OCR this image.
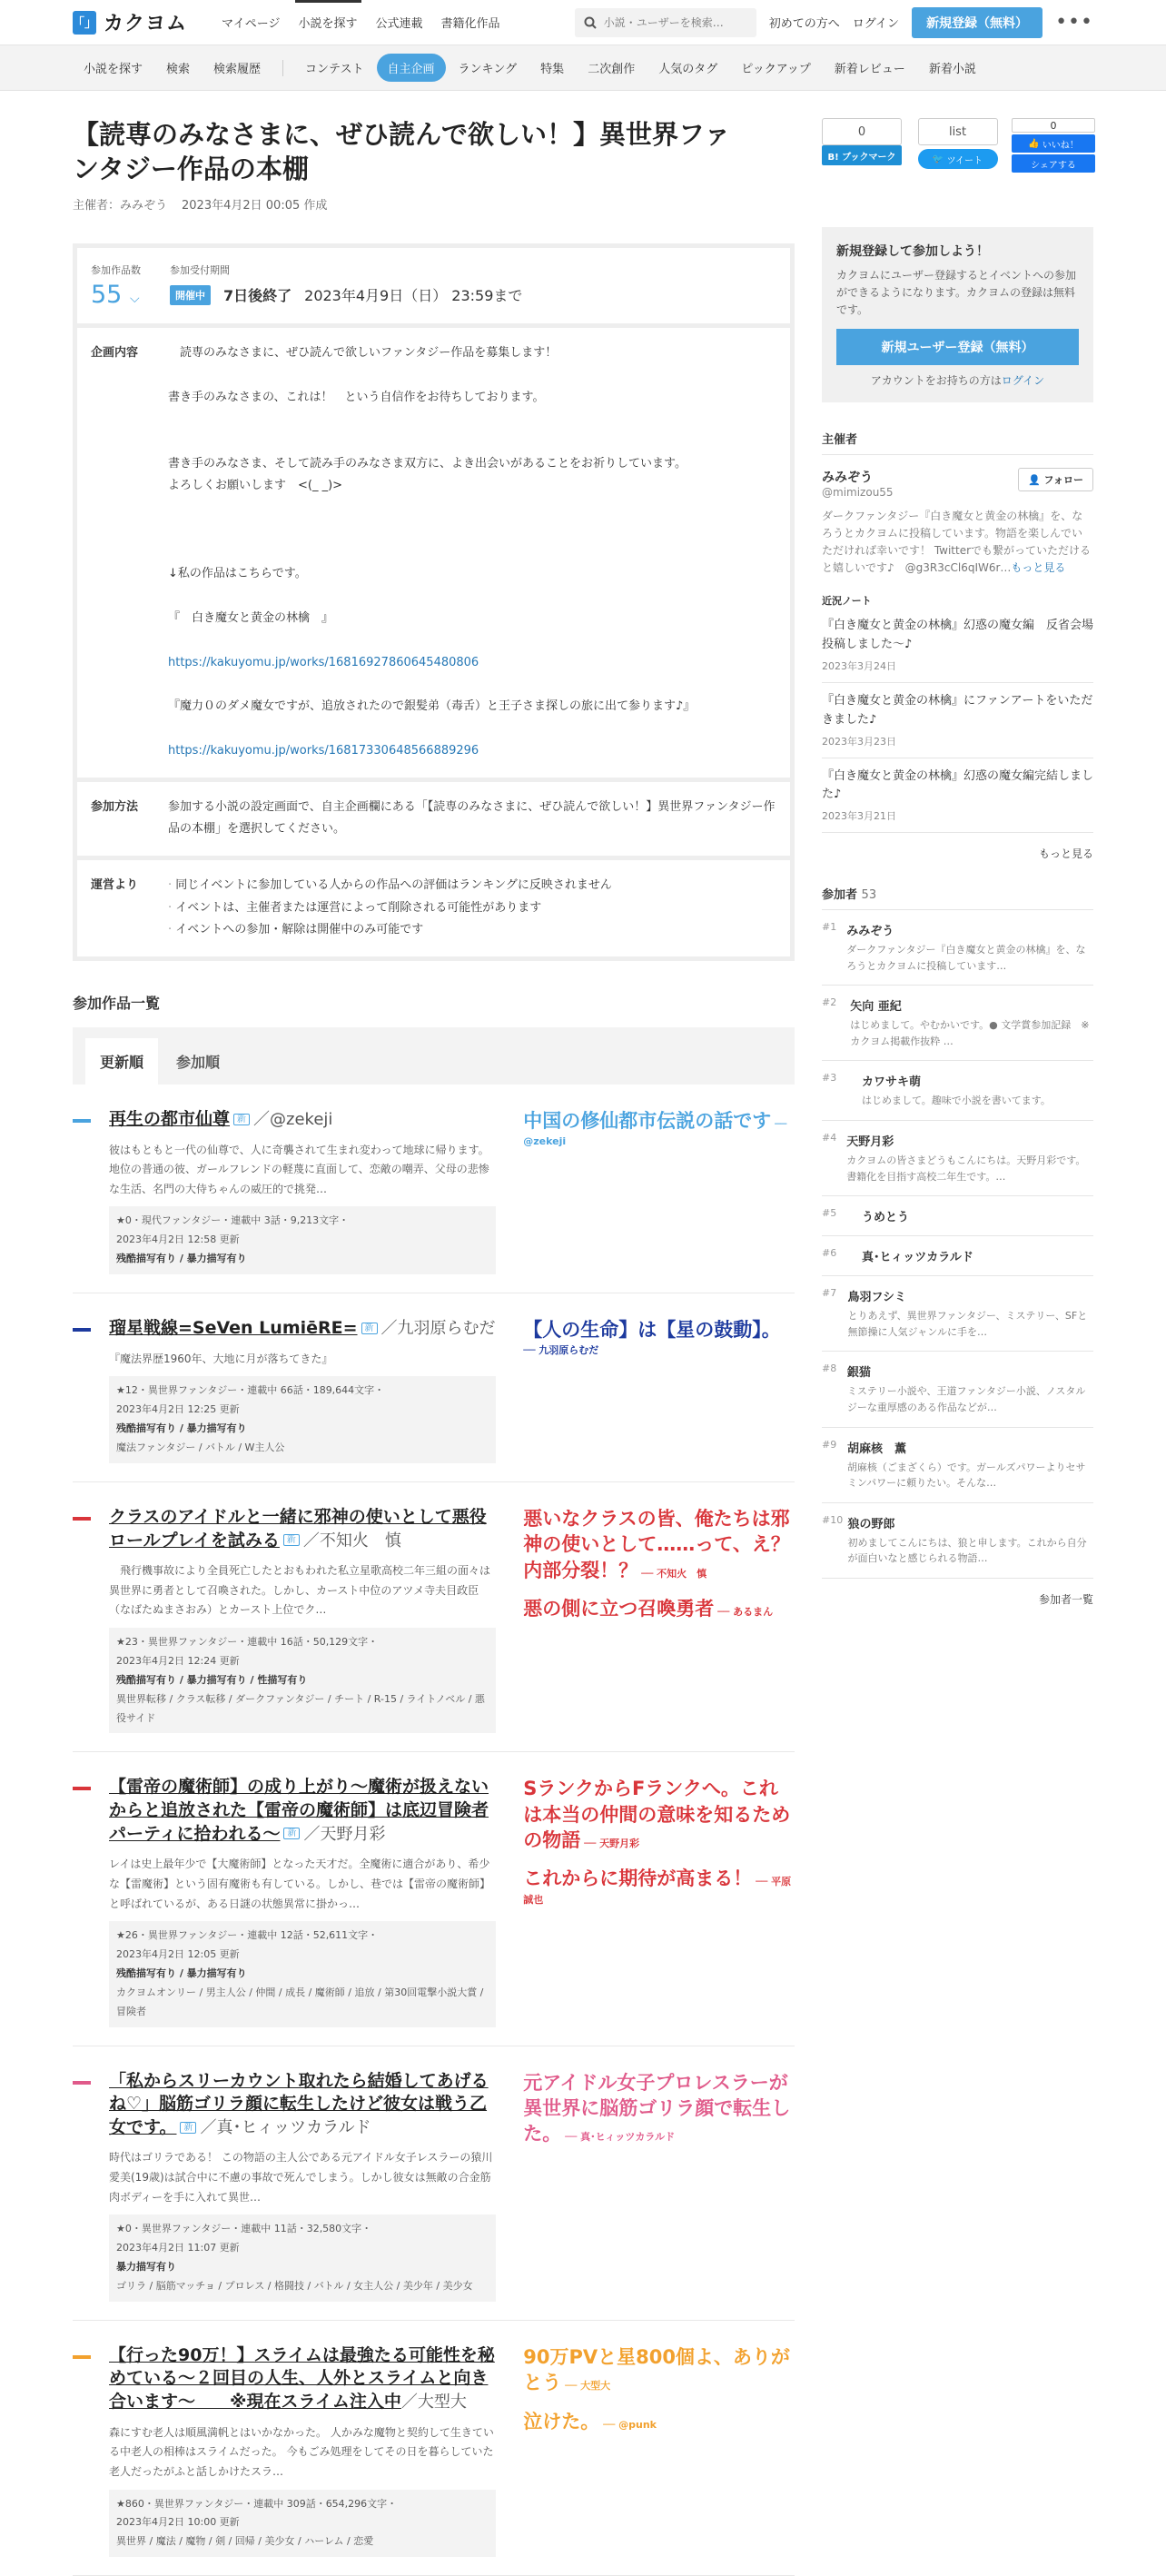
「」 カクヨム	マイページ	小説を探す	公式連載	書籍化作品
小説・ユーザーを検索…	初めての方へ ログイン	新規登録（無料）	•••
小説を探す	検索	検索履歴	コンテスト	自主企画	ランキング	特集	二次創作	人気のタグ	ピックアップ	新着レビュー	新着小説
【読専のみなさまに、ぜひ読んで欲しい！】異世界ファンタジー作品の本棚
主催者：みみぞう 2023年4月2日 00:05 作成
参加作品数
55 ⌵
参加受付期間
開催中	7日後終了 2023年4月9日（日） 23:59まで
企画内容	　読専のみなさまに、ぜひ読んで欲しいファンタジー作品を募集します！

書き手のみなさまの、これは！　という自信作をお待ちしております。

書き手のみなさま、そして読み手のみなさま双方に、よき出会いがあることをお祈りしています。

よろしくお願いします　<(_ _)>

↓私の作品はこちらです。

『　白き魔女と黄金の林檎　』

https://kakuyomu.jp/works/16816927860645480806

『魔力０のダメ魔女ですが、追放されたので銀髪弟（毒舌）と王子さま探しの旅に出て参ります♪』

https://kakuyomu.jp/works/16817330648566889296

参加方法	参加する小説の設定画面で、自主企画欄にある「【読専のみなさまに、ぜひ読んで欲しい！】異世界ファンタジー作品の本棚」を選択してください。
運営より
·	同じイベントに参加している人からの作品への評価はランキングに反映されません
· イベントは、主催者または運営によって削除される可能性があります
· イベントへの参加・解除は開催中のみ可能です
参加作品一覧
更新順	参加順
再生の都市仙尊 新 ／@zekeji
彼はもともと一代の仙尊で、人に奇襲されて生まれ変わって地球に帰ります。地位の普通の彼、ガールフレンドの軽蔑に直面して、恋敵の嘲弄、父母の悲惨な生活、名門の大侍ちゃんの威圧的で挑発…
★0・現代ファンタジー・連載中 3話・9,213文字・
2023年4月2日 12:58 更新
残酷描写有り / 暴力描写有り
中国の修仙都市伝説の話です ── @zekeji
瑠星戦線=SeVen LumiēRE= 新 ／九羽原らむだ
『魔法界歴1960年、大地に月が落ちてきた』
★12・異世界ファンタジー・連載中 66話・189,644文字・
2023年4月2日 12:25 更新
残酷描写有り / 暴力描写有り
魔法ファンタジー / バトル / W主人公
【人の生命】は【星の鼓動】。 ── 九羽原らむだ
クラスのアイドルと一緒に邪神の使いとして悪役ロールプレイを試みる 新 ／不知火　慎
　飛行機事故により全員死亡したとおもわれた私立星歌高校二年三組の面々は異世界に勇者として召喚された。しかし、カースト中位のアツメ寺夫目政臣（なばたぬまさおみ）とカースト上位でク…
★23・異世界ファンタジー・連載中 16話・50,129文字・
2023年4月2日 12:24 更新
残酷描写有り / 暴力描写有り / 性描写有り
異世界転移 / クラス転移 / ダークファンタジー / チート / R-15 / ライトノベル / 悪役サイド
悪いなクラスの皆、俺たちは邪神の使いとして……って、え？内部分裂！？ ── 不知火　慎
悪の側に立つ召喚勇者 ── あるまん
【雷帝の魔術師】の成り上がり～魔術が扱えないからと追放された【雷帝の魔術師】は底辺冒険者パーティに拾われる～ 新 ／天野月彩
レイは史上最年少で【大魔術師】となった天才だ。全魔術に適合があり、希少な【雷魔術】という固有魔術も有している。しかし、巷では【雷帝の魔術師】と呼ばれているが、ある日謎の状態異常に掛かっ…
★26・異世界ファンタジー・連載中 12話・52,611文字・
2023年4月2日 12:05 更新
残酷描写有り / 暴力描写有り
カクヨムオンリー / 男主人公 / 仲間 / 成長 / 魔術師 / 追放 / 第30回電撃小説大賞 / 冒険者
SランクからFランクへ。これは本当の仲間の意味を知るための物語 ── 天野月彩
これからに期待が高まる！ ── 平原誠也
「私からスリーカウント取れたら結婚してあげるね♡」脳筋ゴリラ顔に転生したけど彼女は戦う乙女です。 新 ／真･ヒィッツカラルド
時代はゴリラである！ この物語の主人公である元アイドル女子レスラーの猿川愛美(19歳)は試合中に不慮の事故で死んでしまう。しかし彼女は無敵の合金筋肉ボディーを手に入れて異世…
★0・異世界ファンタジー・連載中 11話・32,580文字・
2023年4月2日 11:07 更新
暴力描写有り
ゴリラ / 脳筋マッチョ / プロレス / 格闘技 / バトル / 女主人公 / 美少年 / 美少女
元アイドル女子プロレスラーが異世界に脳筋ゴリラ顔で転生した。 ── 真･ヒィッツカラルド
【行った90万！】スライムは最強たる可能性を秘めている～２回目の人生、人外とスライムと向き合います～　　※現在スライム注入中／大型大
森にすむ老人は順風満帆とはいかなかった。 人かみな魔物と契約して生きている中老人の相棒はスライムだった。 今もごみ処理をしてその日を暮らしていた老人だったがふと話しかけたスラ…
★860・異世界ファンタジー・連載中 309話・654,296文字・
2023年4月2日 10:00 更新
異世界 / 魔法 / 魔物 / 剣 / 回帰 / 美少女 / ハーレム / 恋愛
90万PVと星800個よ、ありがとう ── 大型大
泣けた。 ── @punk
0
B! ブックマーク
list
🐦
ツイート
0
👍
いいね！
シェアする
新規登録して参加しよう！

カクヨムにユーザー登録するとイベントへの参加ができるようになります。カクヨムの登録は無料です。

新規ユーザー登録（無料）
アカウントをお持ちの方はログイン
主催者
みみぞう
@mimizou55
👤 フォロー

ダークファンタジー『白き魔女と黄金の林檎』を、なろうとカクヨムに投稿しています。物語を楽しんでいただければ幸いです！ Twitterでも繋がっていただけると嬉しいです♪　@g3R3cCl6qIW6r…もっと見る

近況ノート
『白き魔女と黄金の林檎』幻惑の魔女編　反省会場　投稿しました～♪
2023年3月24日
『白き魔女と黄金の林檎』にファンアートをいただきました♪
2023年3月23日
『白き魔女と黄金の林檎』幻惑の魔女編完結しました♪
2023年3月21日
もっと見る
参加者 53
#1 みみぞう
ダークファンタジー『白き魔女と黄金の林檎』を、なろうとカクヨムに投稿しています…
#2	矢向 亜紀
はじめまして。やむかいです。● 文学賞参加記録　※カクヨム掲載作抜粋 …
#3	カワサキ萌
はじめまして。趣味で小説を書いてます。
#4 天野月彩
カクヨムの皆さまどうもこんにちは。天野月彩です。書籍化を目指す高校二年生です。…
#5	うめとう
#6	真･ヒィッツカラルド
#7 鳥羽フシミ
とりあえず、異世界ファンタジー、ミステリー、SFと無節操に人気ジャンルに手を…
#8 銀猫
ミステリー小説や、王道ファンタジー小説、ノスタルジーな重厚感のある作品などが…
#9 胡麻核　薫
胡麻核（ごまざくら）です。ガールズパワーよりセサミンパワーに頼りたい。そんな…
#10 狼の野郎
初めましてこんにちは、狼と申します。これから自分が面白いなと感じられる物語…
参加者一覧
